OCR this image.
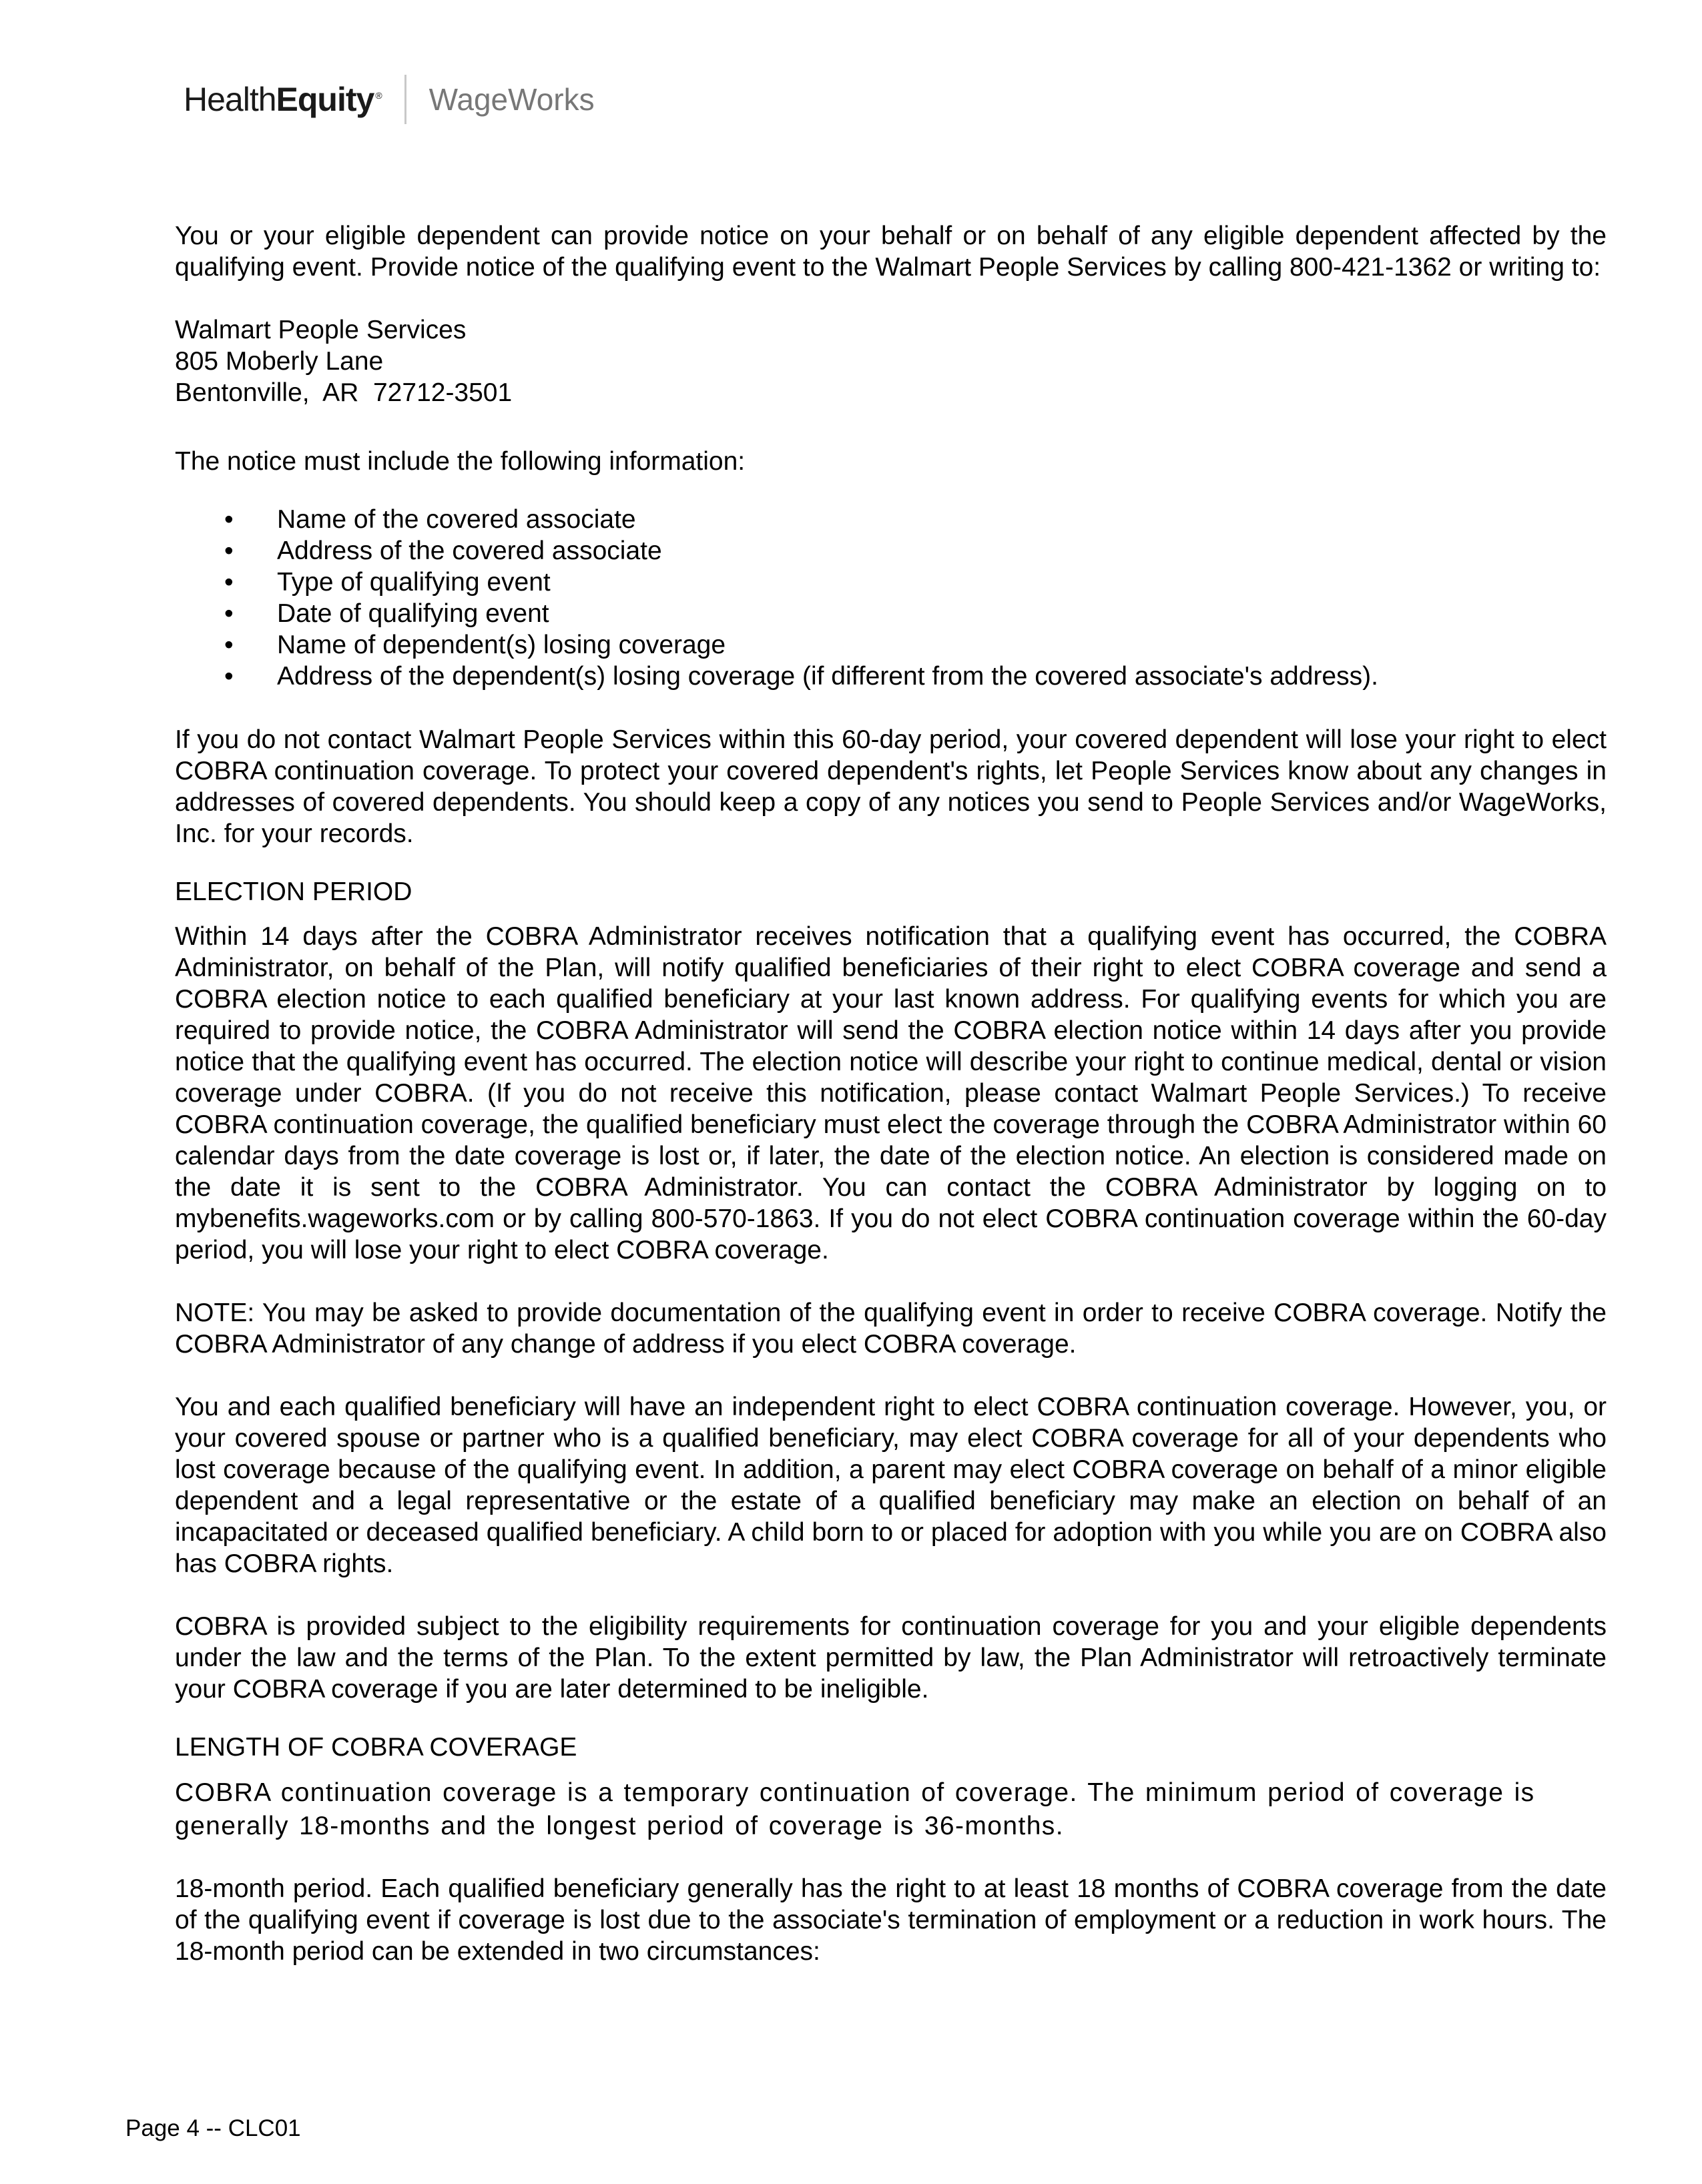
HealthEquity ® WageWorks

You or your eligible dependent can provide notice on your behalf or on behalf of any eligible dependent affected by the qualifying event. Provide notice of the qualifying event to the Walmart People Services by calling 800-421-1362 or writing to:

Walmart People Services

805 Moberly Lane

Bentonville,  AR  72712-3501

The notice must include the following information:

• Name of the covered associate
• Address of the covered associate
• Type of qualifying event
• Date of qualifying event
• Name of dependent(s) losing coverage
• Address of the dependent(s) losing coverage (if different from the covered associate's address).

If you do not contact Walmart People Services within this 60-day period, your covered dependent will lose your right to elect COBRA continuation coverage. To protect your covered dependent's rights, let People Services know about any changes in addresses of covered dependents. You should keep a copy of any notices you send to People Services and/or WageWorks, Inc. for your records.

ELECTION PERIOD

Within 14 days after the COBRA Administrator receives notification that a qualifying event has occurred, the COBRA Administrator, on behalf of the Plan, will notify qualified beneficiaries of their right to elect COBRA coverage and send a COBRA election notice to each qualified beneficiary at your last known address. For qualifying events for which you are required to provide notice, the COBRA Administrator will send the COBRA election notice within 14 days after you provide notice that the qualifying event has occurred. The election notice will describe your right to continue medical, dental or vision coverage under COBRA. (If you do not receive this notification, please contact Walmart People Services.) To receive COBRA continuation coverage, the qualified beneficiary must elect the coverage through the COBRA Administrator within 60 calendar days from the date coverage is lost or, if later, the date of the election notice. An election is considered made on the date it is sent to the COBRA Administrator. You can contact the COBRA Administrator by logging on to mybenefits.wageworks.com or by calling 800-570-1863. If you do not elect COBRA continuation coverage within the 60-day period, you will lose your right to elect COBRA coverage.

NOTE: You may be asked to provide documentation of the qualifying event in order to receive COBRA coverage. Notify the COBRA Administrator of any change of address if you elect COBRA coverage.

You and each qualified beneficiary will have an independent right to elect COBRA continuation coverage. However, you, or your covered spouse or partner who is a qualified beneficiary, may elect COBRA coverage for all of your dependents who lost coverage because of the qualifying event. In addition, a parent may elect COBRA coverage on behalf of a minor eligible dependent and a legal representative or the estate of a qualified beneficiary may make an election on behalf of an incapacitated or deceased qualified beneficiary. A child born to or placed for adoption with you while you are on COBRA also has COBRA rights.

COBRA is provided subject to the eligibility requirements for continuation coverage for you and your eligible dependents under the law and the terms of the Plan. To the extent permitted by law, the Plan Administrator will retroactively terminate your COBRA coverage if you are later determined to be ineligible.

LENGTH OF COBRA COVERAGE

COBRA continuation coverage is a temporary continuation of coverage. The minimum period of coverage is generally 18-months and the longest period of coverage is 36-months.

18-month period. Each qualified beneficiary generally has the right to at least 18 months of COBRA coverage from the date of the qualifying event if coverage is lost due to the associate's termination of employment or a reduction in work hours. The 18-month period can be extended in two circumstances:

Page 4 -- CLC01
